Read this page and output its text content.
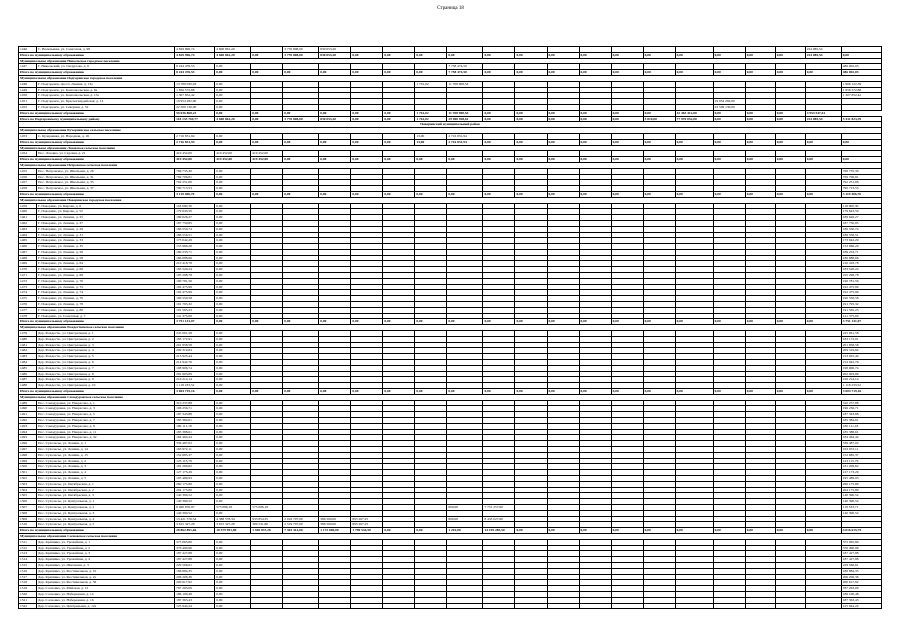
Страница 18
1446	С. Васильевка, ул. Советская, д. 98	4 829 996,74	4 600 861,20		3 770 808,00	830 053,20															224 085,54	
Итого по муниципальному образованию		4 829 996,74	4 600 861,20	0,00	3 770 808,00	830 053,20	0,00	0,00	0,00	0,00	0,00	0,00	0,00	0,00	0,00	0,00	0,00	0,00	0,00	0,00	224 085,54	0,00
Муниципальное образование Никольское городское поселение																						
1447	Г. Никольский, ул. Свердлова, д. 6	8 244 476,53	0,00							7 758 474,50												486 002,03
Итого по муниципальному образованию		8 244 476,53	0,00	0,00	0,00	0,00	0,00	0,00	0,00	7 758 474,50	0,00	0,00	0,00	0,00	0,00	0,00	0,00	0,00	0,00	0,00	0,00	486 002,03
Муниципальное образование Подгоренское городское поселение																						
1448	Г. Подгоренск, просп. Ленина, д. 13а	13 789 030,93	0,00						1 761,02	11 708 908,54												1 966 122,39
1449	Г. Подгоренск, ул. Комсомольская, д. 6а	1 656 572,88	0,00																			1 656 572,88
1450	Г. Подгоренск, ул. Комсомольская, д. 15а	1 307 852,42	0,00																			1 307 852,42
1451	Г. Подгоренск, ул. Красногвардейская, д. 13	19 954 282,00	0,00															19 954 282,00				
1452	Г. Подгоренск, ул. Северная, д. 52	22 509 130,00	0,00															22 509 130,00				
Итого по муниципальному образованию		59 036 868,23	0,00	0,00	0,00	0,00	0,00	0,00	1 761,02	11 708 908,54	0,00	0,00	0,00	0,00	0,00	0,00	42 463 412,00	0,00	0,00	0,00	4 954 547,61	
Итого по Подгоренскому муниципальному району		118 133 769,77	4 600 861,20	0,00	3 770 808,00	830 053,20	0,00	0,00	1 761,02	29 900 928,61	0,00	0,00	0,00	0,00	0,00	5 810,00	77 970 052,00	0,00	0,00	0,00	224 085,54	5 431 823,39
Поворинский муниципальный район																						
Муниципальное образование Кучеряевское сельское поселение																						
1453	С. Кучеряевка, ул. Народная, д. 16	2 716 831,94	0,00						13,00	2 716 831,94												
Итого по муниципальному образованию		2 716 831,94	0,00	0,00	0,00	0,00	0,00	0,00	13,00	2 716 831,94	0,00	0,00	0,00	0,00	0,00	0,00	0,00	0,00	0,00	0,00	0,00	0,00
Муниципальное образование Лазовское сельское поселение																						
1454	Пос. Лазовка, ул. Садовая, д. 21	419 452,00	419 452,00	419 452,00																		
Итого по муниципальному образованию		419 452,00	419 452,00	419 452,00	0,00	0,00	0,00	0,00	0,00	0,00	0,00	0,00	0,00	0,00	0,00	0,00	0,00	0,00	0,00	0,00	0,00	0,00
Муниципальное образование Петровское сельское поселение																						
1455	Пос. Петровское, ул. Школьная, д. 26	766 735,30	0,00																			766 735,30
1456	Пос. Петровское, ул. Школьная, д. 31	769 706,81	0,00																			769 706,81
1457	Пос. Петровское, ул. Школьная, д. 35	792 251,06	0,00																			792 251,06
1458	Пос. Петровское, ул. Школьная, д. 37	790 713,53	0,00																			790 713,53
Итого по муниципальному образованию		3 119 406,70	0,00	0,00	0,00	0,00	0,00	0,00	0,00	0,00	0,00	0,00	0,00	0,00	0,00	0,00	0,00	0,00	0,00	0,00	0,00	3 119 406,70
Муниципальное образование Поворинское городское поселение																						
1459	Г. Поворино, ул. Кирова, д. 6	118 000,30	0,00																			118 000,30
1460	Г. Поворино, ул. Кирова, д. 52	179 643,50	0,00																			179 643,50
1461	Г. Поворино, ул. Ленина, д. 25	189 626,27	0,00																			189 626,27
1462	Г. Поворино, ул. Ленина, д. 27	187 750,85	0,00																			187 750,85
1463	Г. Поворино, ул. Ленина, д. 29	186 550,74	0,00																			186 550,74
1464	Г. Поворино, ул. Ленина, д. 31	186 556,51	0,00																			186 556,51
1465	Г. Поворино, ул. Ленина, д. 33	173 042,29	0,00																			173 042,29
1466	Г. Поворино, ул. Ленина, д. 35	153 966,20	0,00																			153 966,20
1467	Г. Поворино, ул. Ленина, д. 56	189 233,71	0,00																			189 233,71
1468	Г. Поворино, ул. Ленина, д. 58	186 688,66	0,00																			186 688,66
1469	Г. Поворино, ул. Ленина, д. 64	210 418,78	0,00																			210 418,78
1470	Г. Поворино, ул. Ленина, д. 66	183 520,24	0,00																			183 520,24
1471	Г. Поворино, ул. Ленина, д. 68	195 298,78	0,00																			195 298,78
1472	Г. Поворино, ул. Ленина, д. 70	190 781,56	0,00																			190 781,56
1473	Г. Поворино, ул. Ленина, д. 72	192 475,99	0,00																			192 475,99
1474	Г. Поворино, ул. Ленина, д. 74	192 475,99	0,00																			192 475,99
1475	Г. Поворино, ул. Ленина, д. 76	190 550,58	0,00																			190 550,58
1476	Г. Поворино, ул. Ленина, д. 78	191 795,32	0,00																			191 795,32
1477	Г. Поворино, ул. Ленина, д. 80	191 565,23	0,00																			191 565,23
1478	Г. Поворино, ул. Советская, д. 7	141 375,00	0,00																			141 375,00
Итого по муниципальному образованию		3 751 141,07	0,00	0,00	0,00	0,00	0,00	0,00	0,00	0,00	0,00	0,00	0,00	0,00	0,00	0,00	0,00	0,00	0,00	0,00	0,00	3 751 141,07
Муниципальное образование Рождественское сельское поселение																						
1479	Дер. Рождеств., ул. Центральная, д. 1	245 061,58	0,00																			245 061,58
1480	Дер. Рождеств., ул. Центральная, д. 2	183 172,91	0,00																			183 172,91
1481	Дер. Рождеств., ул. Центральная, д. 3	201 858,58	0,00																			201 858,58
1482	Дер. Рождеств., ул. Центральная, д. 4	209 319,84	0,00																			209 319,84
1483	Дер. Рождеств., ул. Центральная, д. 5	213 925,44	0,00																			213 925,44
1484	Дер. Рождеств., ул. Центральная, д. 6	214 942,76	0,00																			214 942,76
1485	Дер. Рождеств., ул. Центральная, д. 7	198 906,74	0,00																			198 906,74
1486	Дер. Рождеств., ул. Центральная, д. 8	202 903,89	0,00																			202 903,89
1487	Дер. Рождеств., ул. Центральная, д. 9	216 214,14	0,00																			216 214,14
1488	Дер. Рождеств., ул. Центральная, д. 10	1 118 233,52	0,00																			1 118 233,52
Итого по муниципальному образованию		3 004 719,16	0,00	0,00	0,00	0,00	0,00	0,00	0,00	0,00	0,00	0,00	0,00	0,00	0,00	0,00	0,00	0,00	0,00	0,00	0,00	3 004 719,16
Муниципальное образование Самодуровское сельское поселение																						
1489	Пос. Самодуровка, ул. Некрасова, д. 1	310 237,88	0,00																			310 237,88
1490	Пос. Самодуровка, ул. Некрасова, д. 3	196 256,71	0,00																			196 256,71
1491	Пос. Самодуровка, ул. Некрасова, д. 5	187 343,88	0,00																			187 343,88
1492	Пос. Самодуровка, ул. Некрасова, д. 7	185 384,61	0,00																			185 384,61
1493	Пос. Самодуровка, ул. Некрасова, д. 9	180 111,18	0,00																			180 111,18
1494	Пос. Самодуровка, ул. Некрасова, д. 11	185 388,61	0,00																			185 388,61
1495	Пос. Самодуровка, ул. Некрасова, д. 32	184 464,44	0,00																			184 464,44
1496	Пос. Сухолесье, ул. Ленина, д. 1	339 487,02	0,00																			339 487,02
1497	Пос. Сухолесье, ул. Ленина, д. 14	163 972,11	0,00																			163 972,11
1498	Пос. Сухолесье, ул. Ленина, д. 15	152 685,37	0,00																			152 685,37
1499	Пос. Сухолесье, ул. Ленина, д. 2	123 115,79	0,00																			123 115,79
1500	Пос. Сухолесье, ул. Ленина, д. 3	181 209,62	0,00																			181 209,62
1501	Пос. Сухолесье, ул. Ленина, д. 4	127 173,29	0,00																			127 173,29
1502	Пос. Сухолесье, ул. Ленина, д. 5	195 489,93	0,00																			195 489,93
1503	Пос. Сухолесье, ул. Октябрьская, д. 1	260 175,80	0,00																			260 175,80
1504	Пос. Сухолесье, ул. Октябрьская, д. 2	204 175,80	0,00																			204 175,80
1505	Пос. Сухолесье, ул. Октябрьская, д. 3	140 390,52	0,00																			140 390,52
1506	Пос. Сухолесье, ул. Центральная, д. 1	140 390,52	0,00																			140 390,52
1507	Пос. Сухолесье, ул. Центральная, д. 2	8 490 876,87	575 086,18	575 086,18						600,00	7 751 257,60											119 533,71
1508	Пос. Сухолесье, ул. Центральная, д. 3	140 390,52	0,00																			140 390,52
1509	Пос. Сухолесье, ул. Центральная, д. 4	13 421 576,34	4 388 578,34	933 854,35	2 916 707,00	386 500,00	895 267,25			800,00	8 433 027,60											
1510	Пос. Сухолесье, ул. Центральная, д. 5	3 615 327,28	3 615 327,28	309 531,80	2 519 707,00	386 500,00	895 267,25															
Итого по муниципальному образованию		28 862 891,66	10 579 991,80	1 940 037,28	7 303 414,00	1 172 000,00	1 790 534,50	0,00	0,00	1 201,00	14 195 285,50	0,00	0,00	0,00	0,00	0,00	0,00	0,00	0,00	0,00	0,00	4 016 615,75
Муниципальное образование Сосновское сельское поселение																						
1511	Дер. Крапивка, ул. Урожайная, д. 1	375 065,80	0,00																			375 065,80
1512	Дер. Крапивка, ул. Урожайная, д. 2	376 490,96	0,00																			376 490,96
1513	Дер. Крапивка, ул. Урожайная, д. 3	187 427,88	0,00																			187 427,88
1514	Дер. Крапивка, ул. Урожайная, д. 4	187 427,88	0,00																			187 427,88
1515	Дер. Крапивка, ул. Школьная, д. 3	229 566,61	0,00																			229 566,61
1516	Дер. Крапивка, ул. Фестивальная, д. 10	186 884,35	0,00																			186 884,35
1517	Дер. Крапивка, ул. Фестивальная, д. 2а	206 206,36	0,00																			206 206,36
1518	Дер. Крапивка, ул. Фестивальная, д. 36	200 617,92	0,00																			200 617,92
1519	Дер. Сосновка, ул. Майская, д. 12	787 263,09	0,00																			787 263,09
1520	Дер. Сосновка, ул. Набережная, д. 14	186 100,48	0,00																			186 100,48
1521	Дер. Сосновка, ул. Набережная, д. 16	187 363,43	0,00																			187 363,43
1522	Дер. Сосновка, ул. Центральная, д. 12а	125 944,24	0,00																			125 944,24
